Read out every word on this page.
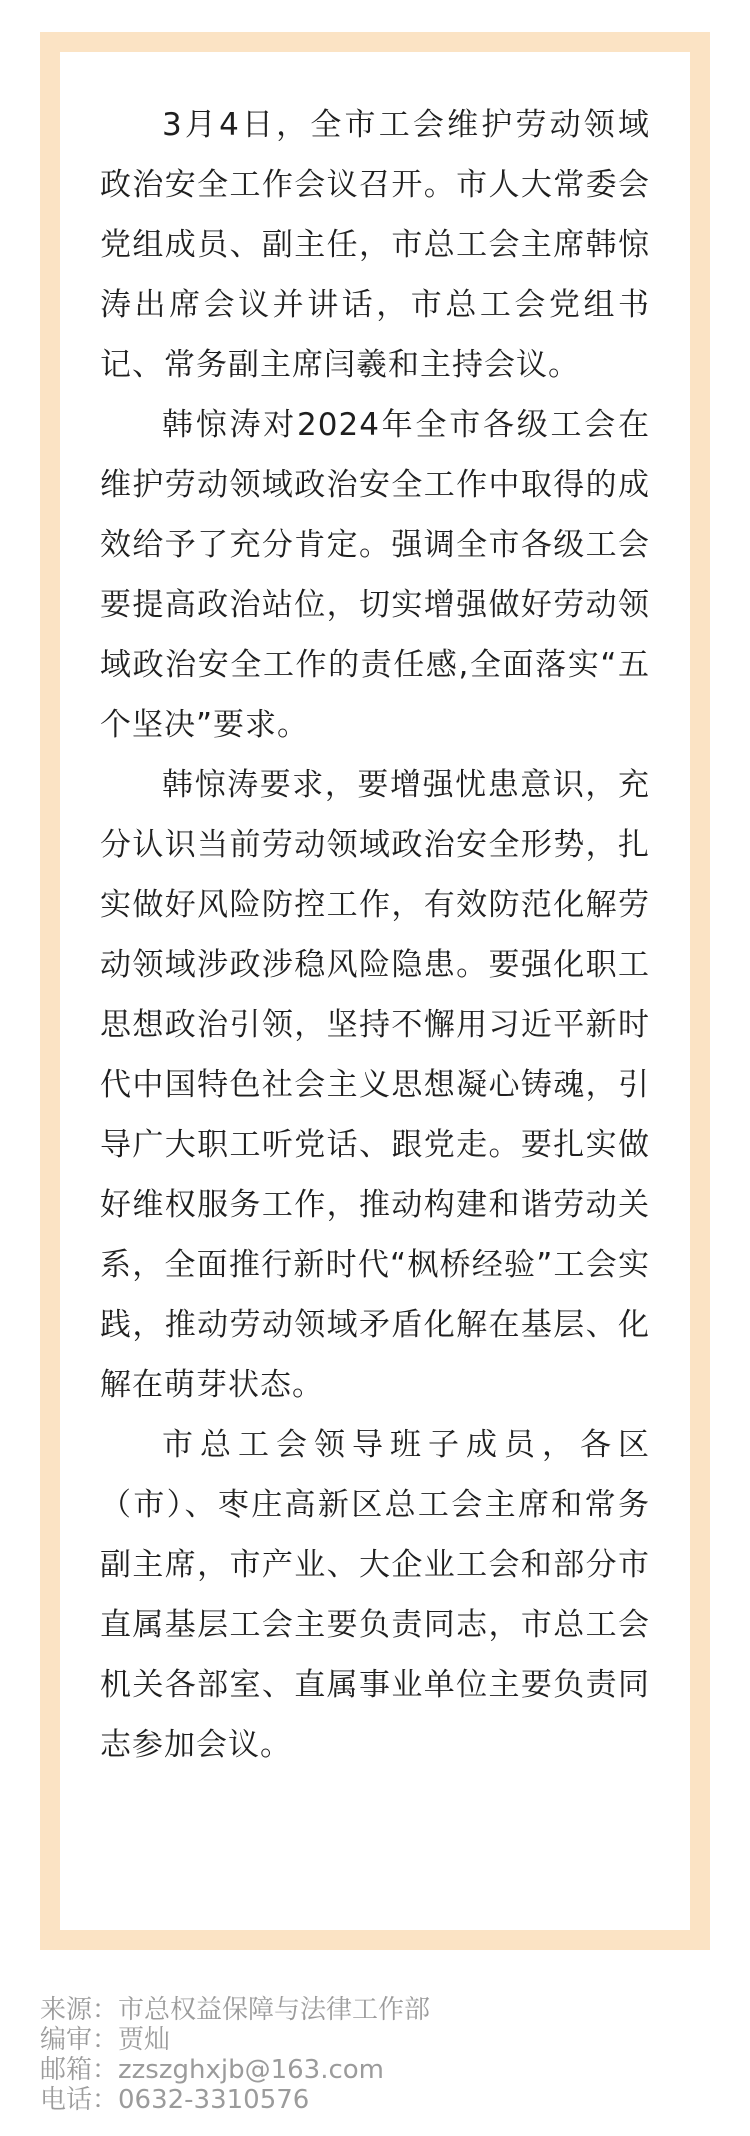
3月4日，全市工会维护劳动领域政治安全工作会议召开。市人大常委会党组成员、副主任，市总工会主席韩惊涛出席会议并讲话，市总工会党组书记、常务副主席闫羲和主持会议。

韩惊涛对2024年全市各级工会在维护劳动领域政治安全工作中取得的成效给予了充分肯定。强调全市各级工会要提高政治站位，切实增强做好劳动领域政治安全工作的责任感,全面落实“五个坚决”要求。

韩惊涛要求，要增强忧患意识，充分认识当前劳动领域政治安全形势，扎实做好风险防控工作，有效防范化解劳动领域涉政涉稳风险隐患。要强化职工思想政治引领，坚持不懈用习近平新时代中国特色社会主义思想凝心铸魂，引导广大职工听党话、跟党走。要扎实做好维权服务工作，推动构建和谐劳动关系，全面推行新时代“枫桥经验”工会实践，推动劳动领域矛盾化解在基层、化解在萌芽状态。

市总工会领导班子成员，各区（市）、枣庄高新区总工会主席和常务副主席，市产业、大企业工会和部分市直属基层工会主要负责同志，市总工会机关各部室、直属事业单位主要负责同志参加会议。

来源：市总权益保障与法律工作部
编审：贾灿
邮箱：zzszghxjb@163.com
电话：0632-3310576
